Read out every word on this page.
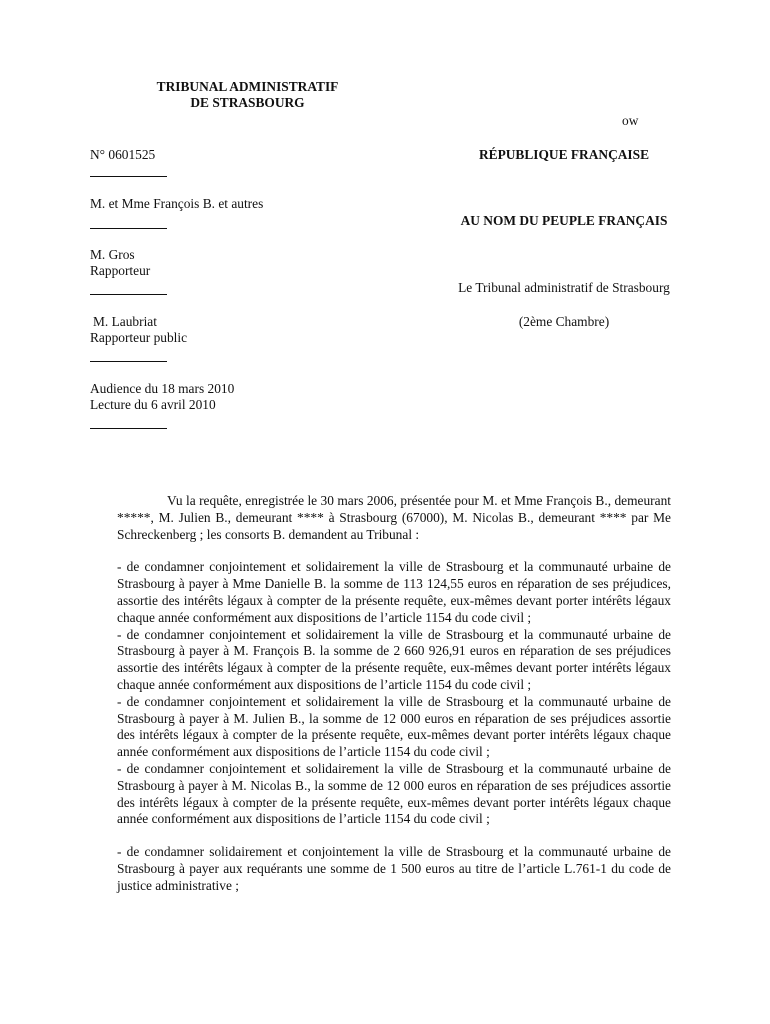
TRIBUNAL ADMINISTRATIF
DE STRASBOURG
ow
N° 0601525
M. et Mme François B. et autres
M. Gros
Rapporteur
M. Laubriat
Rapporteur public
Audience du 18 mars 2010
Lecture du 6 avril 2010
RÉPUBLIQUE FRANÇAISE
AU NOM DU PEUPLE FRANÇAIS
Le Tribunal administratif de Strasbourg
(2ème Chambre)

Vu la requête, enregistrée le 30 mars 2006, présentée pour M. et Mme François B., demeurant *****, M. Julien B., demeurant **** à Strasbourg (67000), M. Nicolas B., demeurant **** par Me Schreckenberg ; les consorts B. demandent au Tribunal :

- de condamner conjointement et solidairement la ville de Strasbourg et la communauté urbaine de Strasbourg à payer à Mme Danielle B. la somme de 113 124,55 euros en réparation de ses préjudices, assortie des intérêts légaux à compter de la présente requête, eux-mêmes devant porter intérêts légaux chaque année conformément aux dispositions de l’article 1154 du code civil ;

- de condamner conjointement et solidairement la ville de Strasbourg et la communauté urbaine de Strasbourg à payer à M. François B. la somme de 2 660 926,91 euros en réparation de ses préjudices assortie des intérêts légaux à compter de la présente requête, eux-mêmes devant porter intérêts légaux chaque année conformément aux dispositions de l’article 1154 du code civil ;

- de condamner conjointement et solidairement la ville de Strasbourg et la communauté urbaine de Strasbourg à payer à M. Julien B., la somme de 12 000 euros en réparation de ses préjudices assortie des intérêts légaux à compter de la présente requête, eux-mêmes devant porter intérêts légaux chaque année conformément aux dispositions de l’article 1154 du code civil ;

- de condamner conjointement et solidairement la ville de Strasbourg et la communauté urbaine de Strasbourg à payer à M. Nicolas B., la somme de 12 000 euros en réparation de ses préjudices assortie des intérêts légaux à compter de la présente requête, eux-mêmes devant porter intérêts légaux chaque année conformément aux dispositions de l’article 1154 du code civil ;

- de condamner solidairement et conjointement la ville de Strasbourg et la communauté urbaine de Strasbourg à payer aux requérants une somme de 1 500 euros au titre de l’article L.761-1 du code de justice administrative ;
